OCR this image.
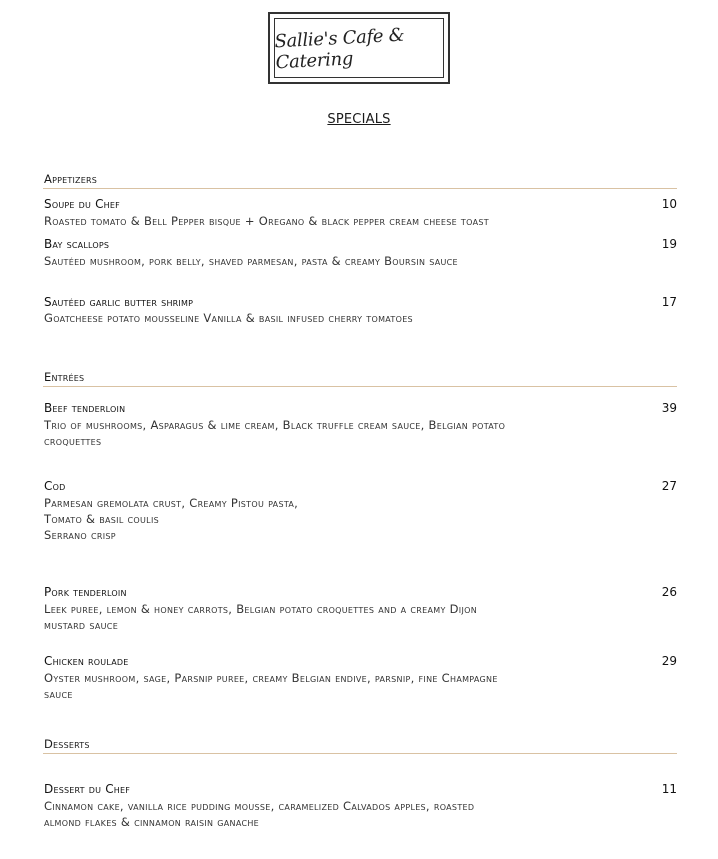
Sallie's Cafe & Catering
SPECIALS
Appetizers
Soupe du Chef	10
Roasted tomato & Bell Pepper bisque + Oregano & black pepper cream cheese toast
Bay scallops	19
Sautéed mushroom, pork belly, shaved parmesan, pasta & creamy Boursin sauce
Sautéed garlic butter shrimp	17
Goatcheese potato mousseline Vanilla & basil infused cherry tomatoes
Entrées
Beef tenderloin	39
Trio of mushrooms, Asparagus & lime cream, Black truffle cream sauce, Belgian potato
croquettes
Cod	27
Parmesan gremolata crust, Creamy Pistou pasta,
Tomato & basil coulis
Serrano crisp
Pork tenderloin	26
Leek puree, lemon & honey carrots, Belgian potato croquettes and a creamy Dijon
mustard sauce
Chicken roulade	29
Oyster mushroom, sage, Parsnip puree, creamy Belgian endive, parsnip, fine Champagne
sauce
Desserts
Dessert du Chef	11
Cinnamon cake, vanilla rice pudding mousse, caramelized Calvados apples, roasted
almond flakes & cinnamon raisin ganache
